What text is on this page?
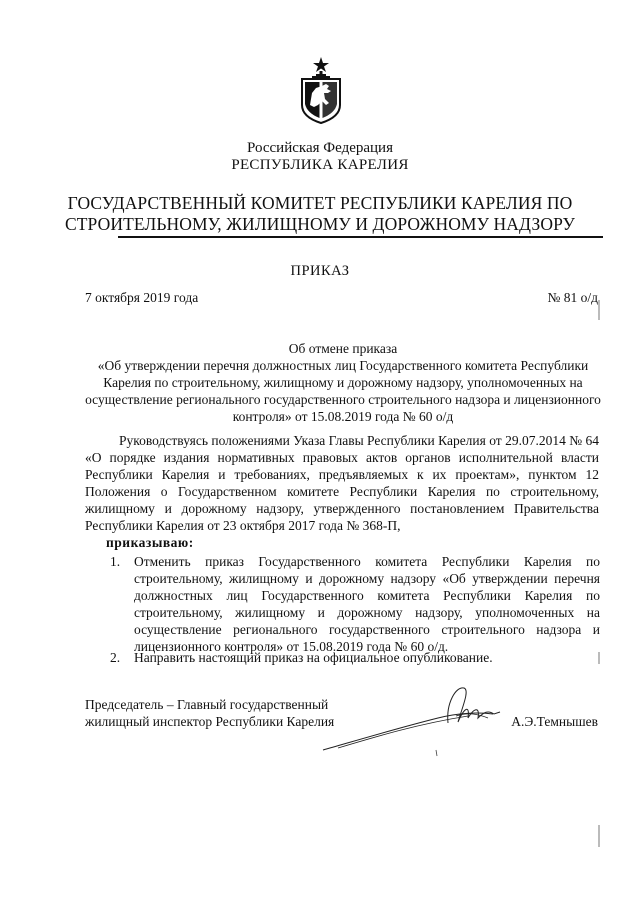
Российская Федерация
РЕСПУБЛИКА КАРЕЛИЯ
ГОСУДАРСТВЕННЫЙ КОМИТЕТ РЕСПУБЛИКИ КАРЕЛИЯ ПО
СТРОИТЕЛЬНОМУ, ЖИЛИЩНОМУ И ДОРОЖНОМУ НАДЗОРУ
ПРИКАЗ
7 октября 2019 года	№ 81 о/д
Об отмене приказа
«Об утверждении перечня должностных лиц Государственного комитета Республики Карелия по строительному, жилищному и дорожному надзору, уполномоченных на осуществление регионального государственного строительного надзора и лицензионного контроля» от 15.08.2019 года № 60 о/д
Руководствуясь положениями Указа Главы Республики Карелия от 29.07.2014 № 64 «О порядке издания нормативных правовых актов органов исполнительной власти Республики Карелия и требованиях, предъявляемых к их проектам», пунктом 12 Положения о Государственном комитете Республики Карелия по строительному, жилищному и дорожному надзору, утвержденного постановлением Правительства Республики Карелия от 23 октября 2017 года № 368-П,
приказываю:
1. Отменить приказ Государственного комитета Республики Карелия по строительному, жилищному и дорожному надзору «Об утверждении перечня должностных лиц Государственного комитета Республики Карелия по строительному, жилищному и дорожному надзору, уполномоченных на осуществление регионального государственного строительного надзора и лицензионного контроля» от 15.08.2019 года № 60 о/д.
2. Направить настоящий приказ на официальное опубликование.
Председатель – Главный государственный
жилищный инспектор Республики Карелия	А.Э.Темнышев
